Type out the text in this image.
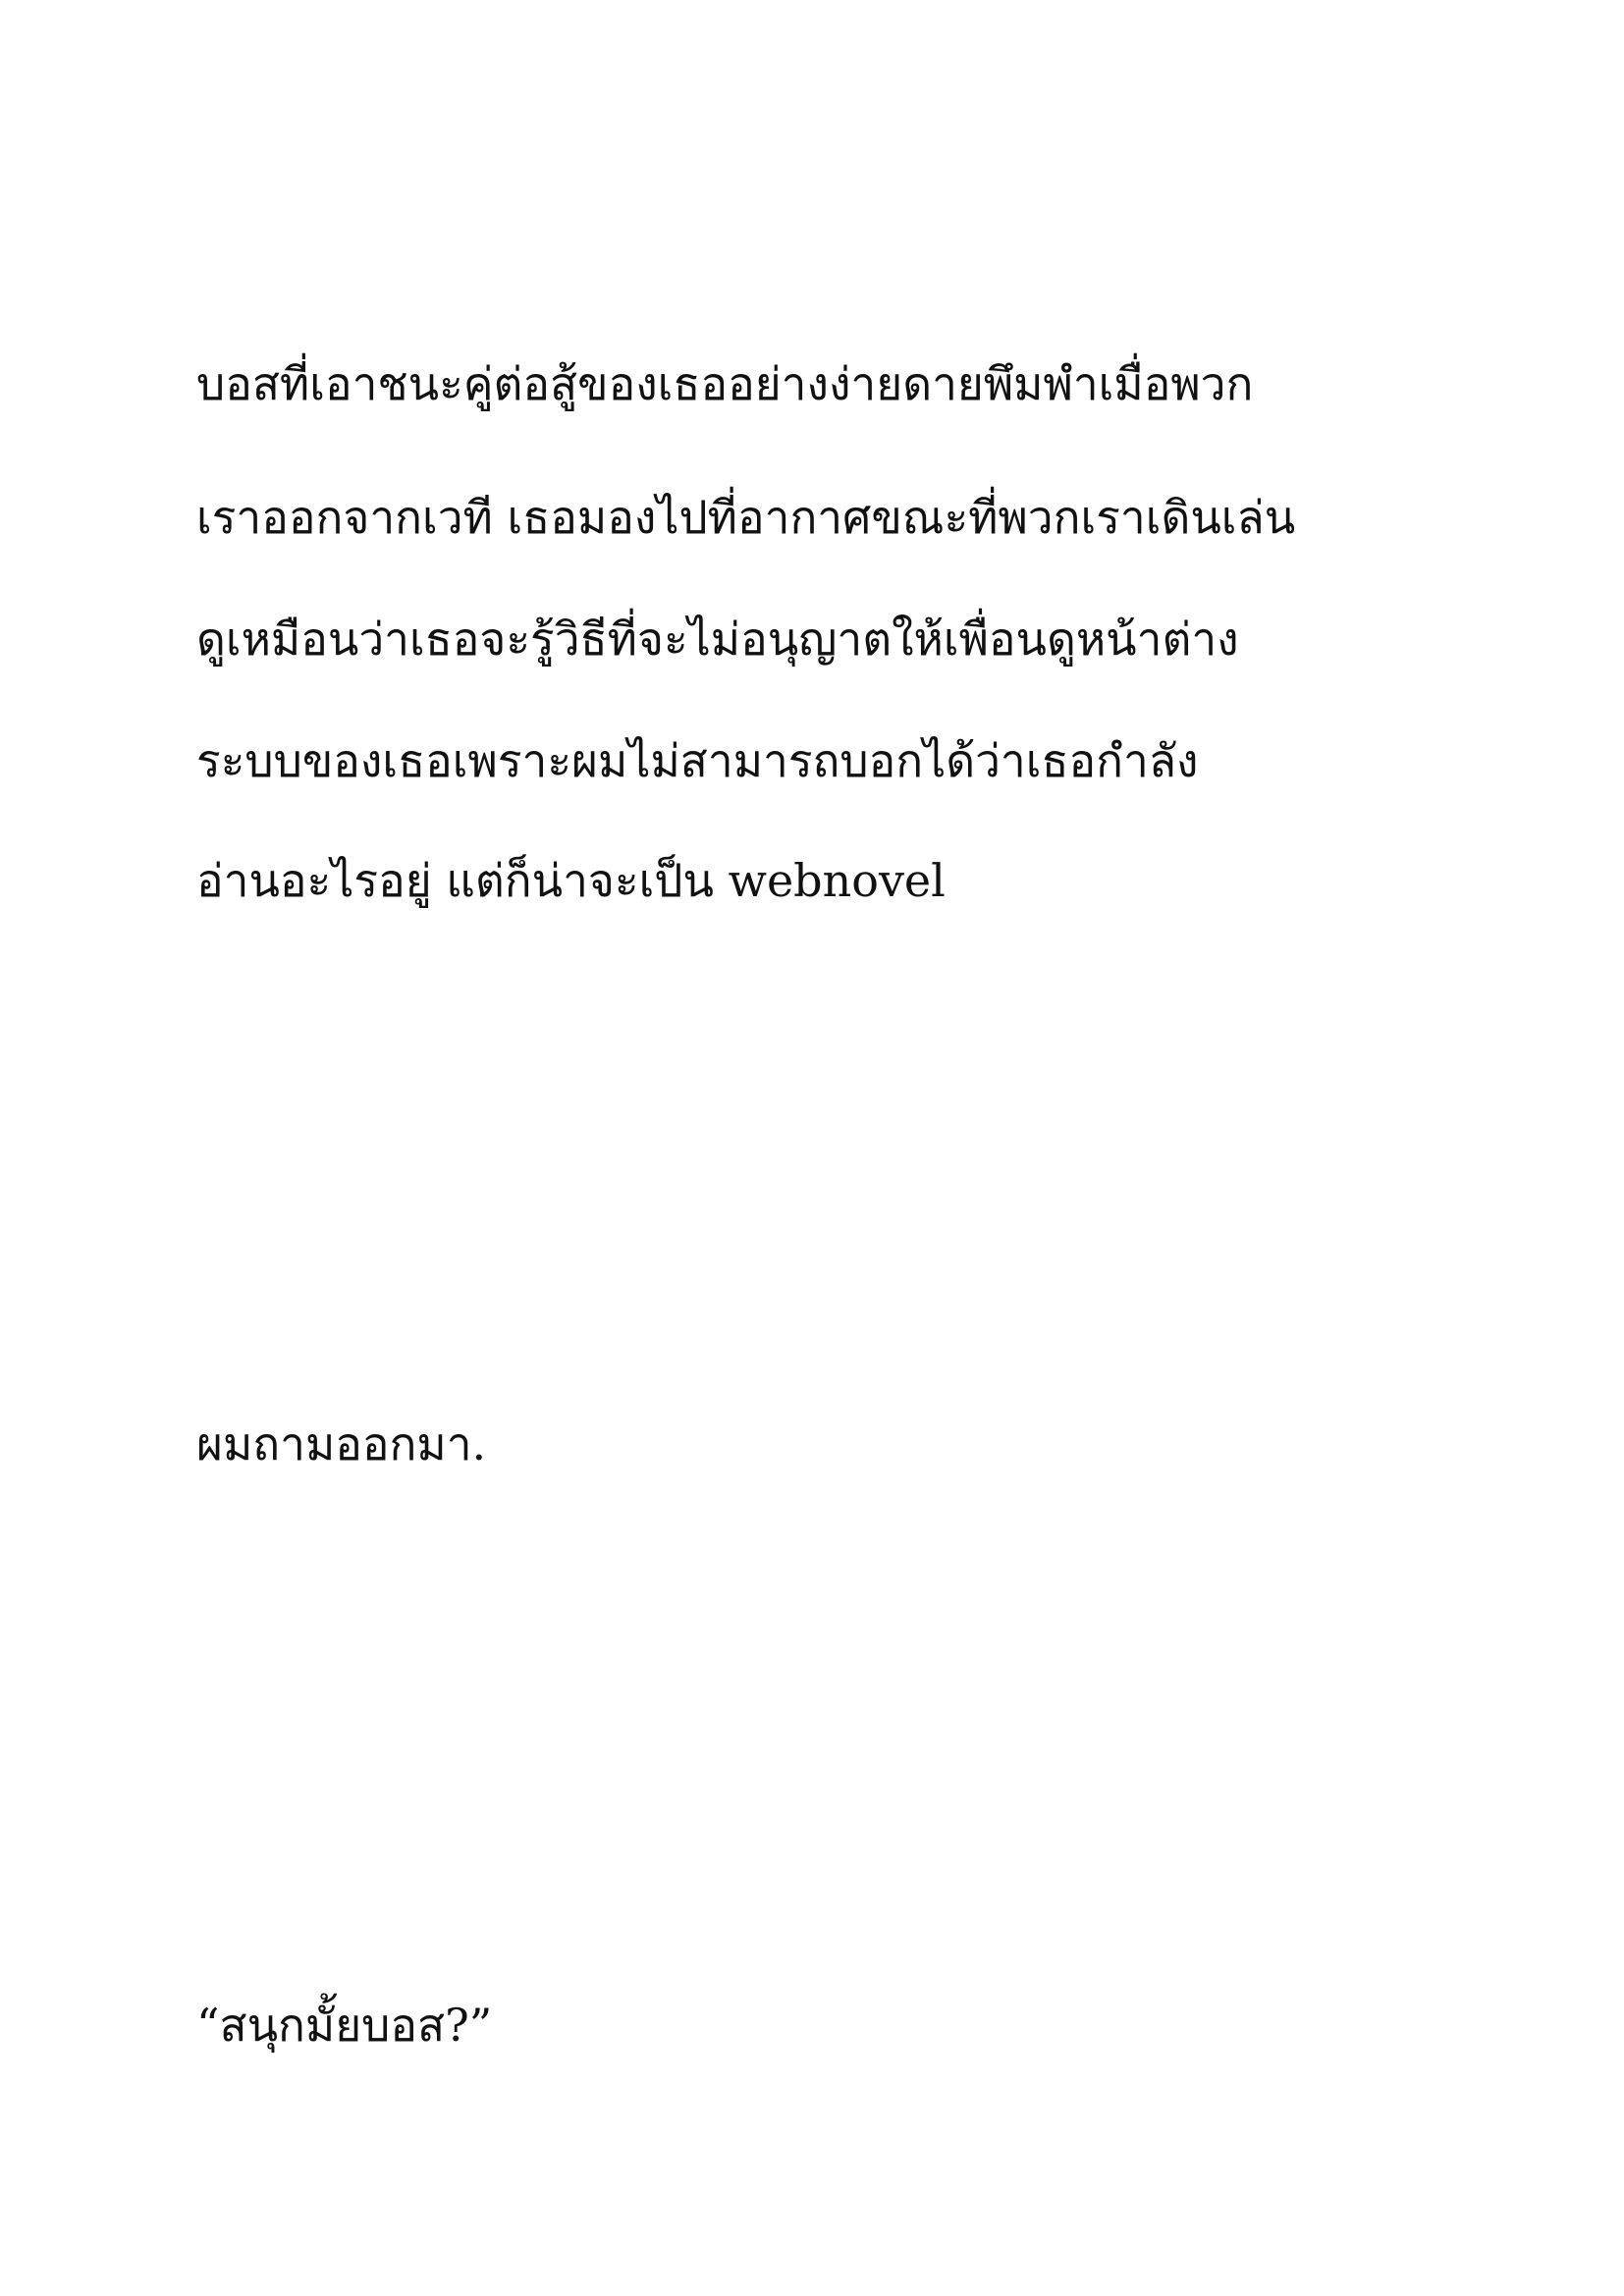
บอสที่เอาชนะคู่ต่อสู้ของเธออย่างง่ายดายพึมพำเมื่อพวก

เราออกจากเวที เธอมองไปที่อากาศขณะที่พวกเราเดินเล่น

ดูเหมือนว่าเธอจะรู้วิธีที่จะไม่อนุญาตให้เพื่อนดูหน้าต่าง

ระบบของเธอเพราะผมไม่สามารถบอกได้ว่าเธอกำลัง

อ่านอะไรอยู่ แต่ก็น่าจะเป็น webnovel

ผมถามออกมา.

“สนุกมั้ยบอส?”
